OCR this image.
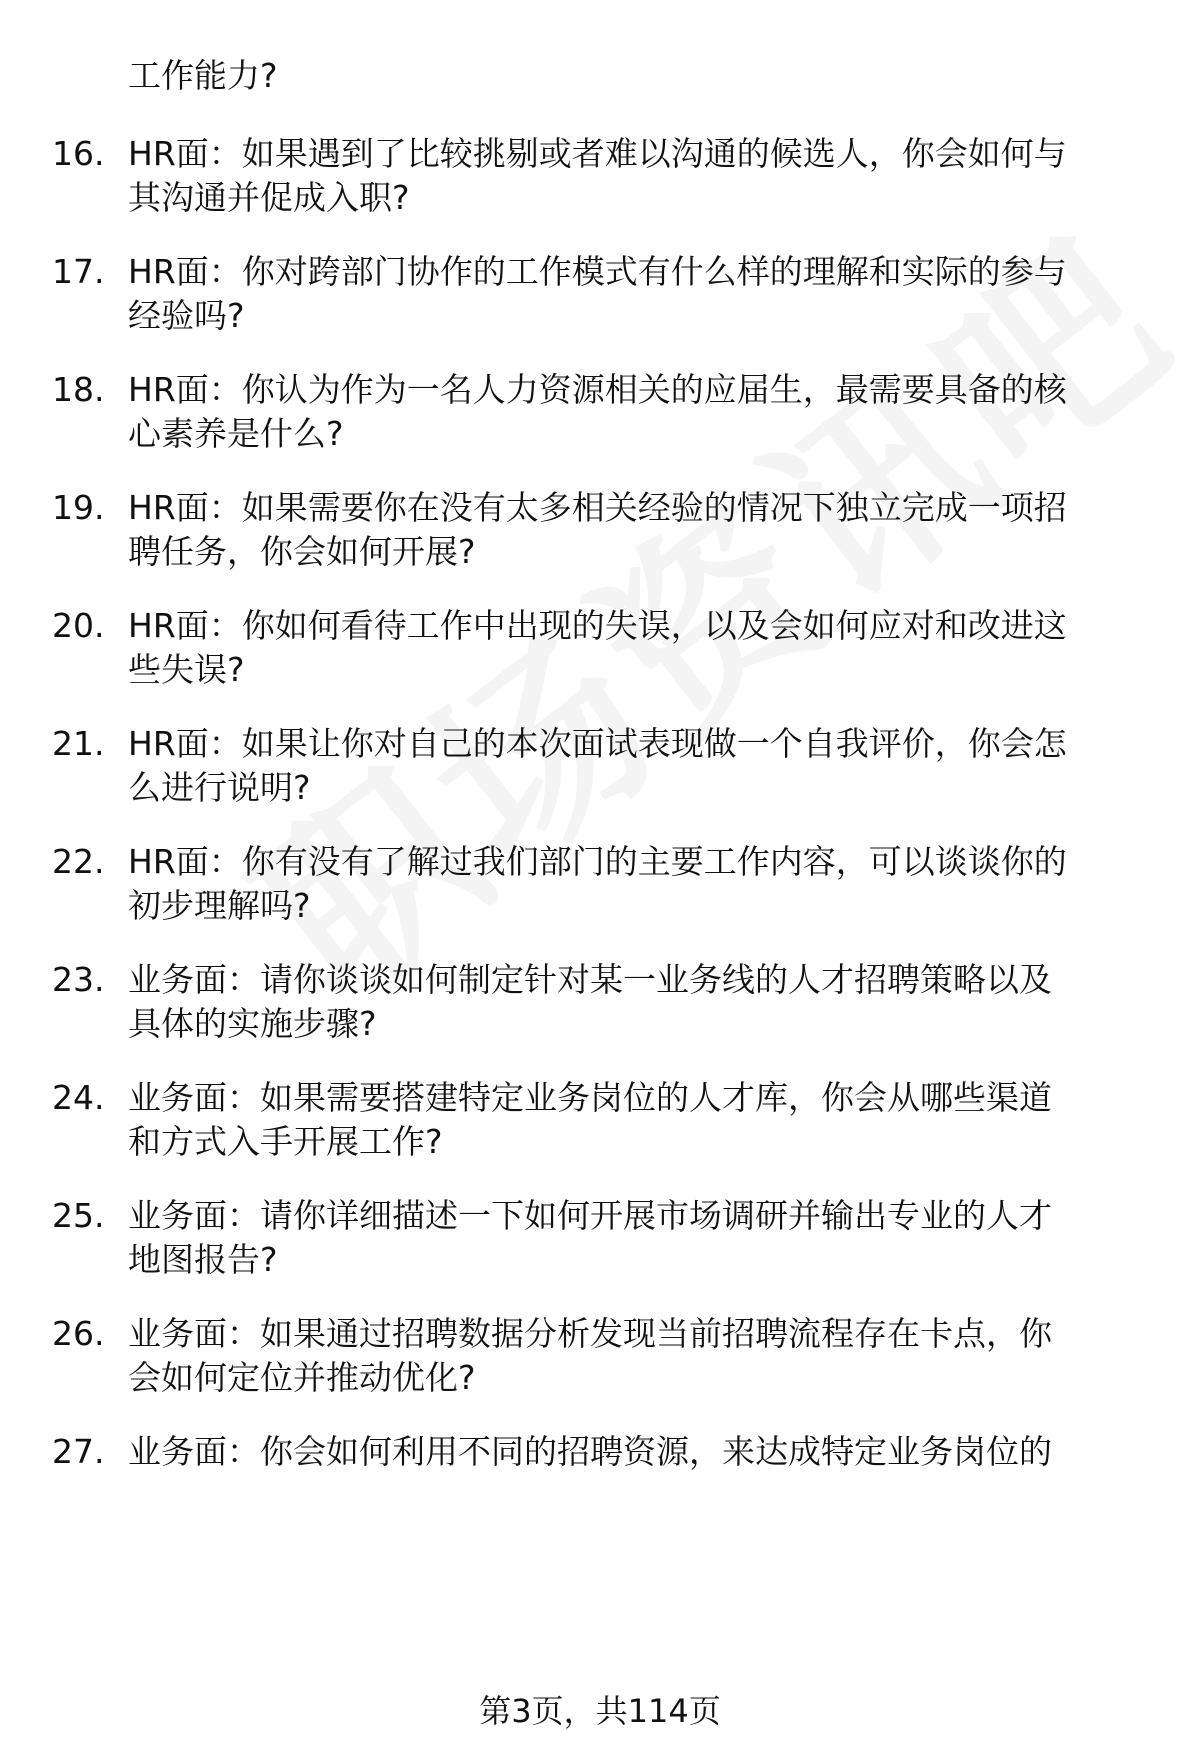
工作能力?
16. HR面：如果遇到了比较挑剔或者难以沟通的候选人，你会如何与
其沟通并促成入职?
17. HR面：你对跨部门协作的工作模式有什么样的理解和实际的参与
经验吗?
18. HR面：你认为作为一名人力资源相关的应届生，最需要具备的核
心素养是什么?
19. HR面：如果需要你在没有太多相关经验的情况下独立完成一项招
聘任务，你会如何开展?
20. HR面：你如何看待工作中出现的失误，以及会如何应对和改进这
些失误?
21. HR面：如果让你对自己的本次面试表现做一个自我评价，你会怎
么进行说明?
22. HR面：你有没有了解过我们部门的主要工作内容，可以谈谈你的
初步理解吗?
23. 业务面：请你谈谈如何制定针对某一业务线的人才招聘策略以及
具体的实施步骤?
24. 业务面：如果需要搭建特定业务岗位的人才库，你会从哪些渠道
和方式入手开展工作?
25. 业务面：请你详细描述一下如何开展市场调研并输出专业的人才
地图报告?
26. 业务面：如果通过招聘数据分析发现当前招聘流程存在卡点，你
会如何定位并推动优化?
27. 业务面：你会如何利用不同的招聘资源，来达成特定业务岗位的
第3页，共114页
